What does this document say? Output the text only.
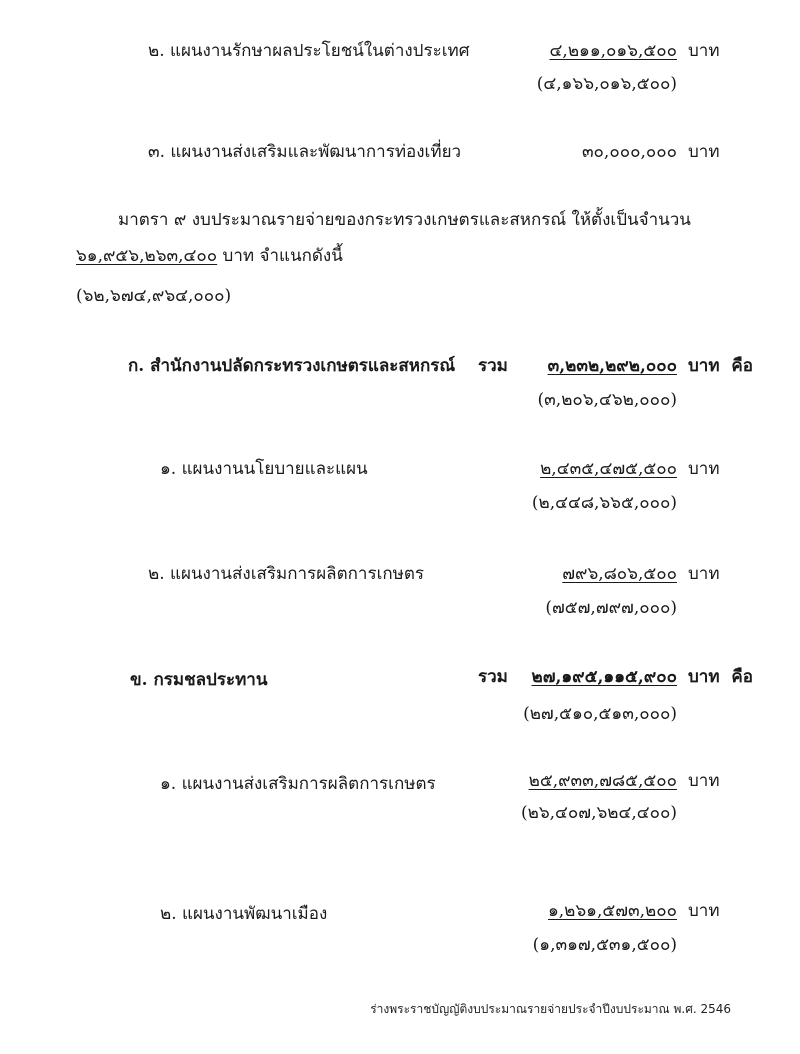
๒. แผนงานรักษาผลประโยชน์ในต่างประเทศ	๔,๒๑๑,๐๑๖,๕๐๐ บาท
(๔,๑๖๖,๐๑๖,๕๐๐)
๓. แผนงานส่งเสริมและพัฒนาการท่องเที่ยว	๓๐,๐๐๐,๐๐๐ บาท
มาตรา ๙ งบประมาณรายจ่ายของกระทรวงเกษตรและสหกรณ์ ให้ตั้งเป็นจำนวน
๖๑,๙๕๖,๒๖๓,๔๐๐ บาท จำแนกดังนี้
(๖๒,๖๗๔,๙๖๔,๐๐๐)
ก. สำนักงานปลัดกระทรวงเกษตรและสหกรณ์ รวม ๓,๒๓๒,๒๙๒,๐๐๐ บาท คือ
(๓,๒๐๖,๔๖๒,๐๐๐)
๑. แผนงานนโยบายและแผน	๒,๔๓๕,๔๗๕,๕๐๐ บาท
(๒,๔๔๘,๖๖๕,๐๐๐)
๒. แผนงานส่งเสริมการผลิตการเกษตร	๗๙๖,๘๐๖,๕๐๐ บาท
(๗๕๗,๗๙๗,๐๐๐)
ข. กรมชลประทาน	รวม ๒๗,๑๙๕,๑๑๕,๙๐๐ บาท คือ
(๒๗,๕๑๐,๕๑๓,๐๐๐)
๑. แผนงานส่งเสริมการผลิตการเกษตร	๒๕,๙๓๓,๗๘๕,๕๐๐ บาท
(๒๖,๔๐๗,๖๒๔,๔๐๐)
๒. แผนงานพัฒนาเมือง	๑,๒๖๑,๕๗๓,๒๐๐ บาท
(๑,๓๑๗,๕๓๑,๕๐๐)
ร่างพระราชบัญญัติงบประมาณรายจ่ายประจำปีงบประมาณ พ.ศ. 2546
